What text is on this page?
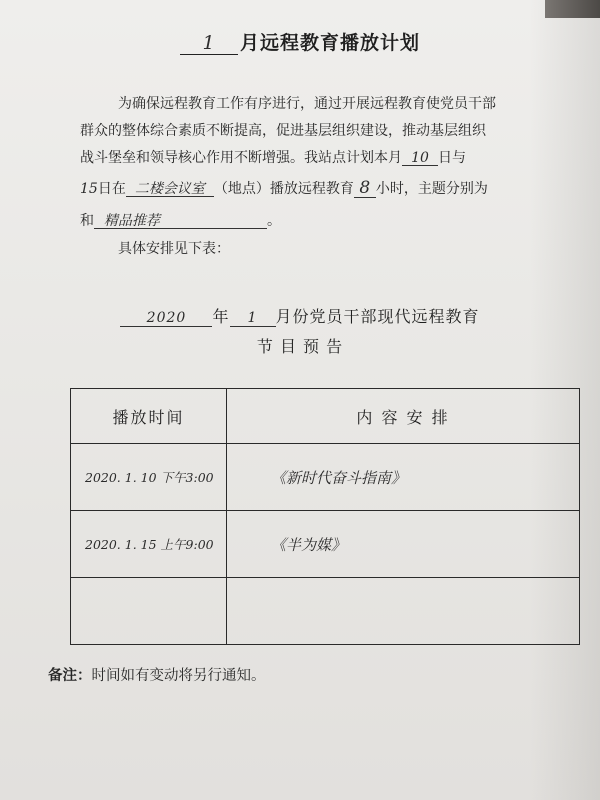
1 月远程教育播放计划
为确保远程教育工作有序进行，通过开展远程教育使党员干部
群众的整体综合素质不断提高，促进基层组织建设，推动基层组织
战斗堡垒和领导核心作用不断增强。我站点计划本月 10 日与
15日在 二楼会议室 （地点）播放远程教育 8 小时，主题分别为
和 精品推荐	。
具体安排见下表：
2020 年 1 月份党员干部现代远程教育
节 目 预 告
播放时间	内 容 安 排
2020. 1. 10 下午3:00	《新时代奋斗指南》
2020. 1. 15 上午9:00	《半为媒》

备注：时间如有变动将另行通知。
